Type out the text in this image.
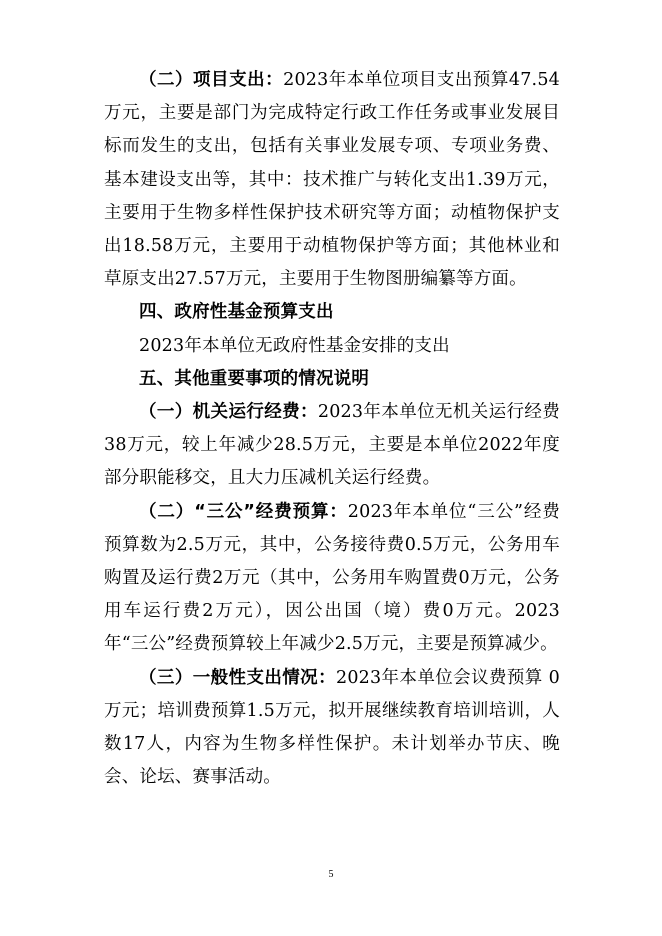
（二）项目支出：2023年本单位项目支出预算47.54万元，主要是部门为完成特定行政工作任务或事业发展目标而发生的支出，包括有关事业发展专项、专项业务费、基本建设支出等，其中：技术推广与转化支出1.39万元，主要用于生物多样性保护技术研究等方面；动植物保护支出18.58万元，主要用于动植物保护等方面；其他林业和草原支出27.57万元，主要用于生物图册编纂等方面。

四、政府性基金预算支出

2023年本单位无政府性基金安排的支出

五、其他重要事项的情况说明

（一）机关运行经费：2023年本单位无机关运行经费38万元，较上年减少28.5万元，主要是本单位2022年度部分职能移交，且大力压减机关运行经费。

（二）“三公”经费预算：2023年本单位“三公”经费预算数为2.5万元，其中，公务接待费0.5万元，公务用车购置及运行费2万元（其中，公务用车购置费0万元，公务用车运行费2万元），因公出国（境）费0万元。2023年“三公”经费预算较上年减少2.5万元，主要是预算减少。

（三）一般性支出情况：2023年本单位会议费预算 0万元；培训费预算1.5万元，拟开展继续教育培训培训，人数17人，内容为生物多样性保护。未计划举办节庆、晚会、论坛、赛事活动。

5
